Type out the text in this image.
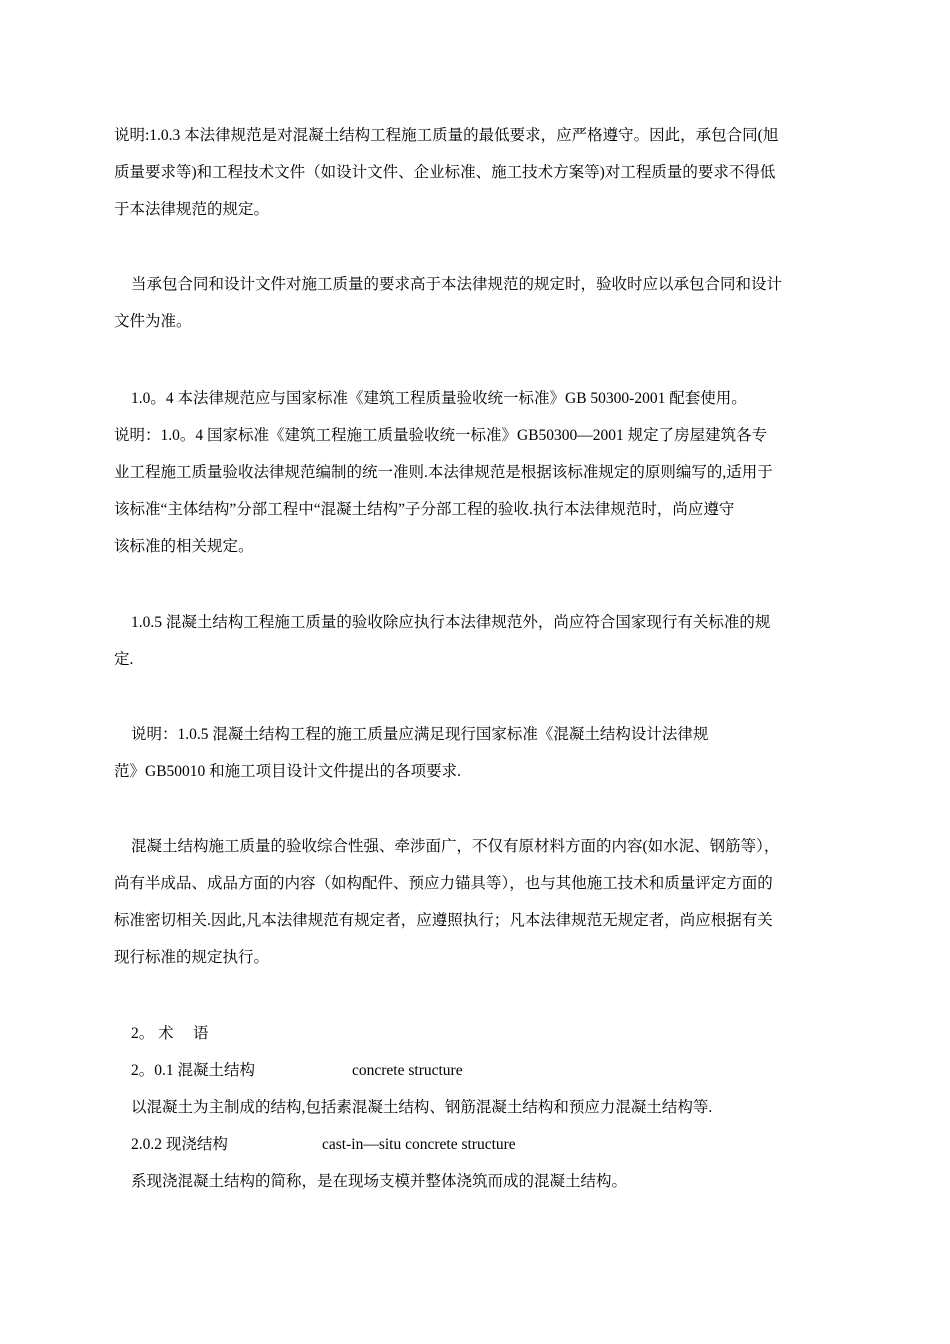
说明:1.0.3 本法律规范是对混凝土结构工程施工质量的最低要求，应严格遵守。因此，承包合同(旭
质量要求等)和工程技术文件（如设计文件、企业标准、施工技术方案等)对工程质量的要求不得低
于本法律规范的规定。
当承包合同和设计文件对施工质量的要求高于本法律规范的规定时，验收时应以承包合同和设计
文件为准。
1.0。4 本法律规范应与国家标准《建筑工程质量验收统一标准》GB 50300-2001 配套使用。
说明：1.0。4 国家标准《建筑工程施工质量验收统一标准》GB50300—2001 规定了房屋建筑各专
业工程施工质量验收法律规范编制的统一准则.本法律规范是根据该标准规定的原则编写的,适用于
该标准“主体结构”分部工程中“混凝土结构”子分部工程的验收.执行本法律规范时，尚应遵守
该标准的相关规定。
1.0.5 混凝土结构工程施工质量的验收除应执行本法律规范外，尚应符合国家现行有关标准的规
定.
说明：1.0.5 混凝土结构工程的施工质量应满足现行国家标准《混凝土结构设计法律规
范》GB50010 和施工项目设计文件提出的各项要求.
混凝土结构施工质量的验收综合性强、牵涉面广，不仅有原材料方面的内容(如水泥、钢筋等），
尚有半成品、成品方面的内容（如构配件、预应力锚具等），也与其他施工技术和质量评定方面的
标准密切相关.因此,凡本法律规范有规定者，应遵照执行；凡本法律规范无规定者，尚应根据有关
现行标准的规定执行。
2。 术　 语
2。0.1 混凝土结构	concrete structure
以混凝土为主制成的结构,包括素混凝土结构、钢筋混凝土结构和预应力混凝土结构等.
2.0.2 现浇结构	cast-in—situ concrete structure
系现浇混凝土结构的简称，是在现场支模并整体浇筑而成的混凝土结构。
